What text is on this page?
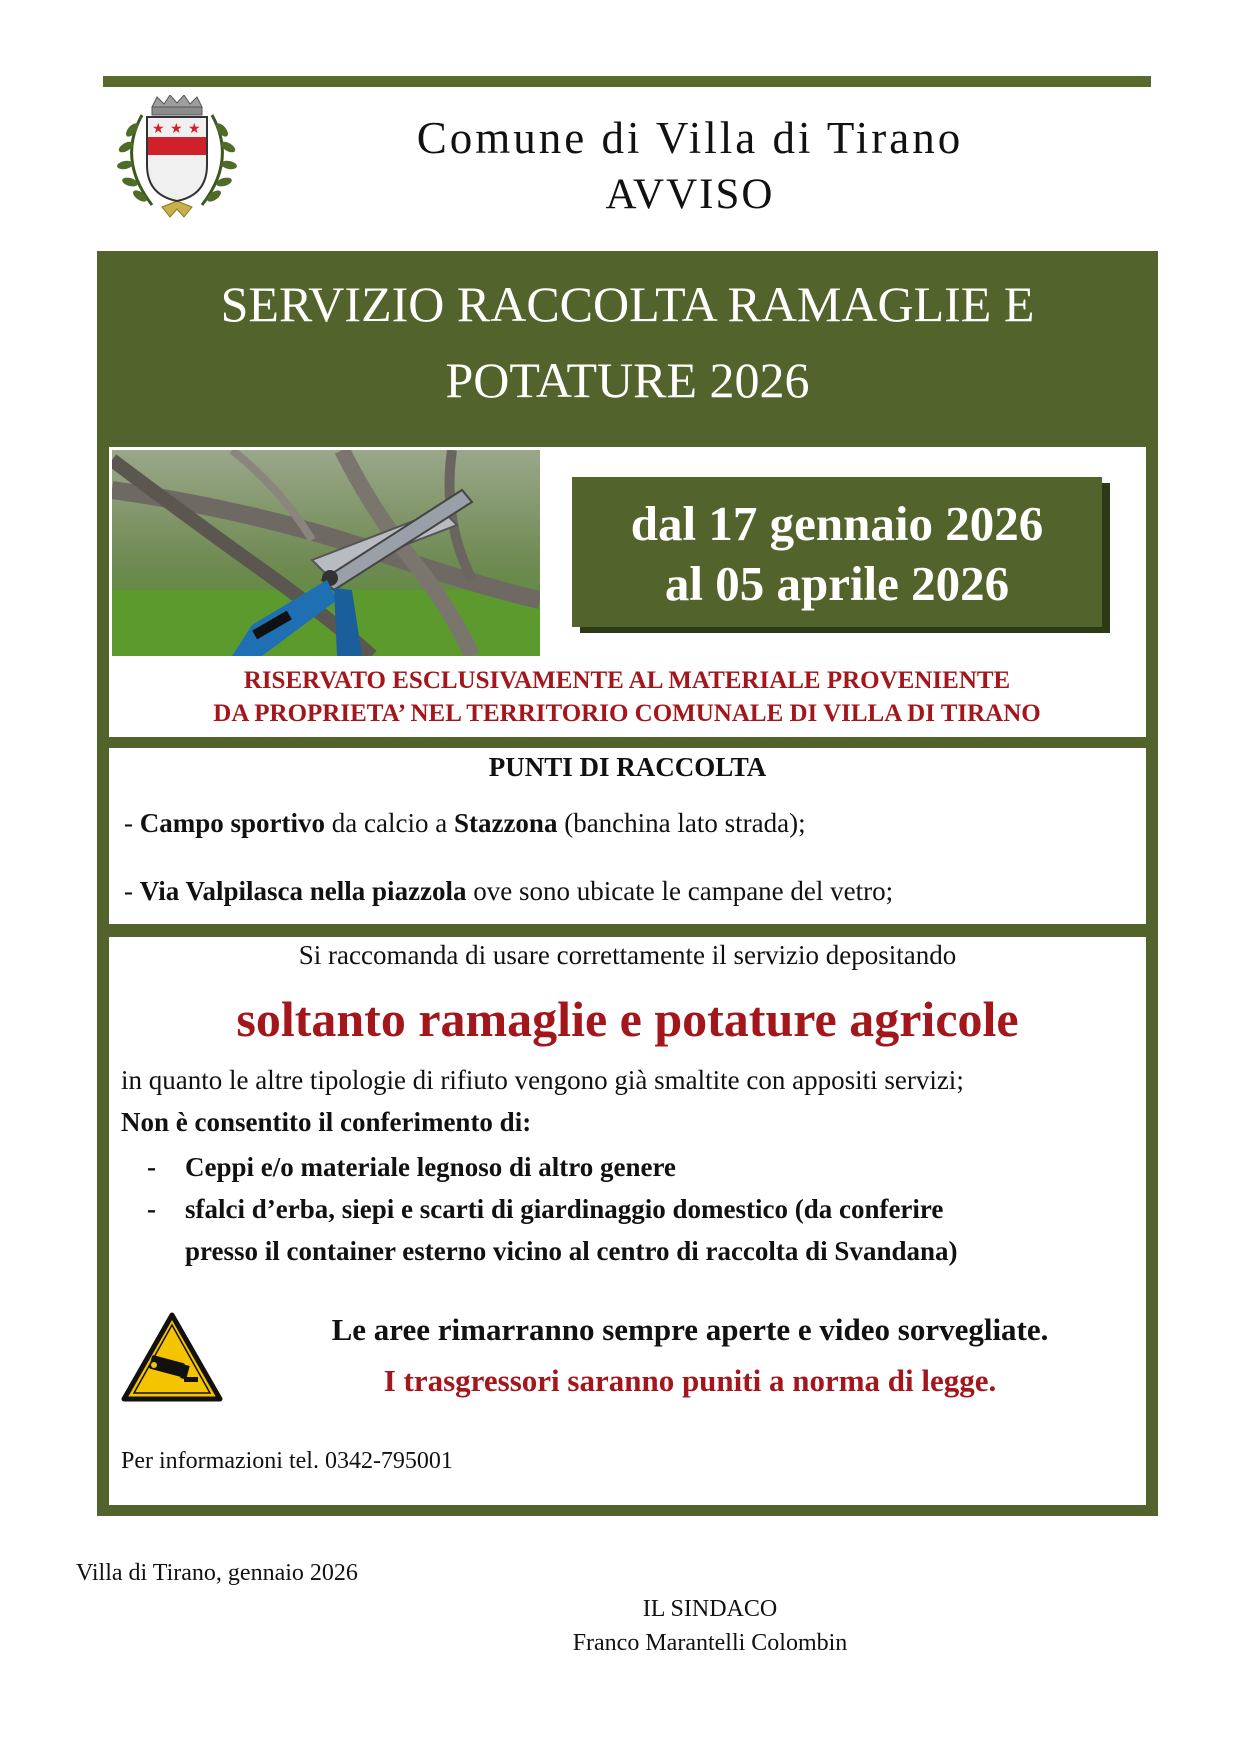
★ ★ ★	Comune di Villa di Tirano
AVVISO
SERVIZIO RACCOLTA RAMAGLIE E
POTATURE 2026
dal 17 gennaio 2026
al 05 aprile 2026
RISERVATO ESCLUSIVAMENTE AL MATERIALE PROVENIENTE
DA PROPRIETA’ NEL TERRITORIO COMUNALE DI VILLA DI TIRANO
PUNTI DI RACCOLTA
- Campo sportivo da calcio a Stazzona (banchina lato strada);
- Via Valpilasca nella piazzola ove sono ubicate le campane del vetro;
Si raccomanda di usare correttamente il servizio depositando
soltanto ramaglie e potature agricole
in quanto le altre tipologie di rifiuto vengono già smaltite con appositi servizi;
Non è consentito il conferimento di:
- Ceppi e/o materiale legnoso di altro genere
- sfalci d’erba, siepi e scarti di giardinaggio domestico (da conferire
presso il container esterno vicino al centro di raccolta di Svandana)
Le aree rimarranno sempre aperte e video sorvegliate.
I trasgressori saranno puniti a norma di legge.
Per informazioni tel. 0342-795001
Villa di Tirano, gennaio 2026
IL SINDACO
Franco Marantelli Colombin
